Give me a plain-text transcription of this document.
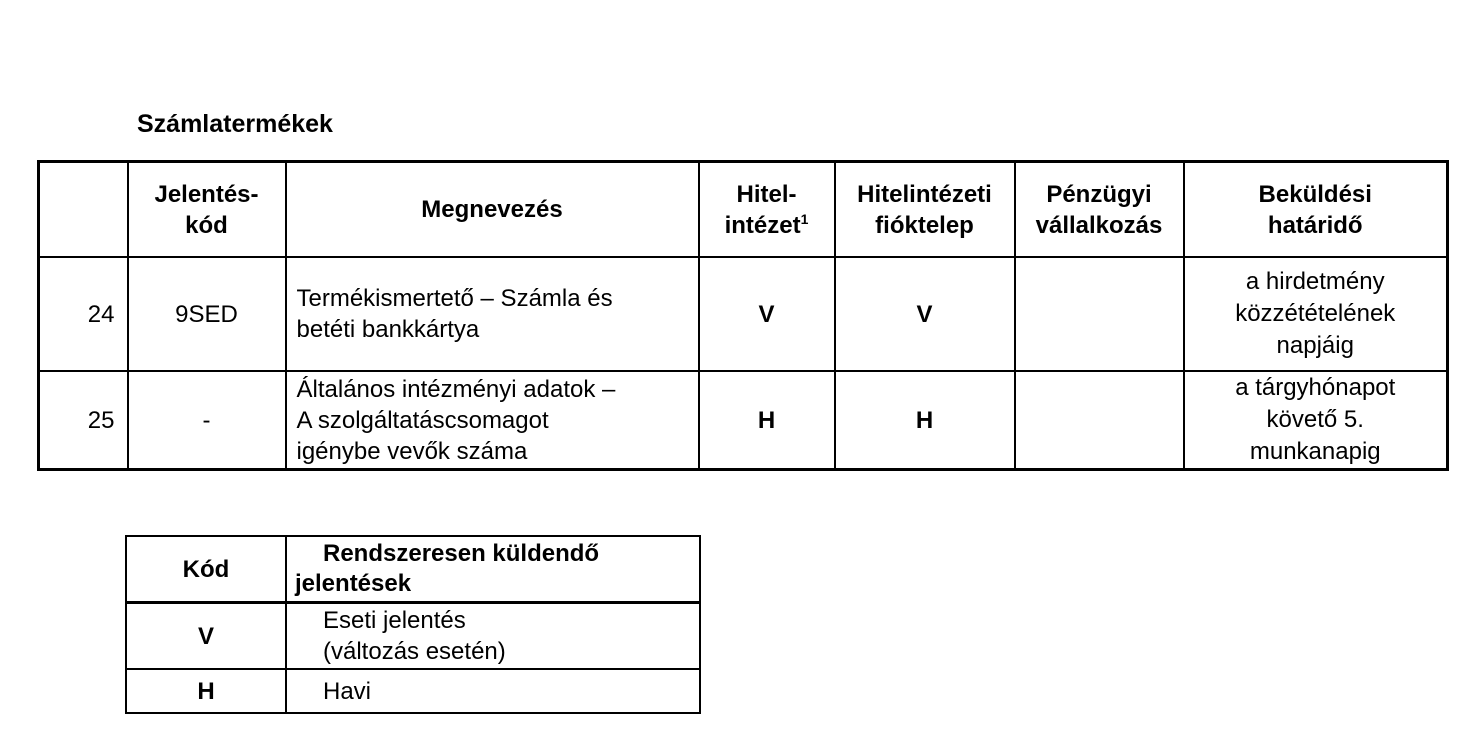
Számlatermékek
	Jelentés-
kód	Megnevezés	Hitel-
intézet$^1$	Hitelintézeti
fióktelep	Pénzügyi
vállalkozás	Beküldési
határidő
24	9SED	Termékismertető – Számla és
betéti bankkártya	V	V		a hirdetmény
közzétételének
napjáig
25	-	Általános intézményi adatok –
A szolgáltatáscsomagot
igénybe vevők száma	H	H		a tárgyhónapot
követő 5.
munkanapig
Kód	Rendszeresen küldendő
jelentések
V	Eseti jelentés
(változás esetén)
H	Havi
